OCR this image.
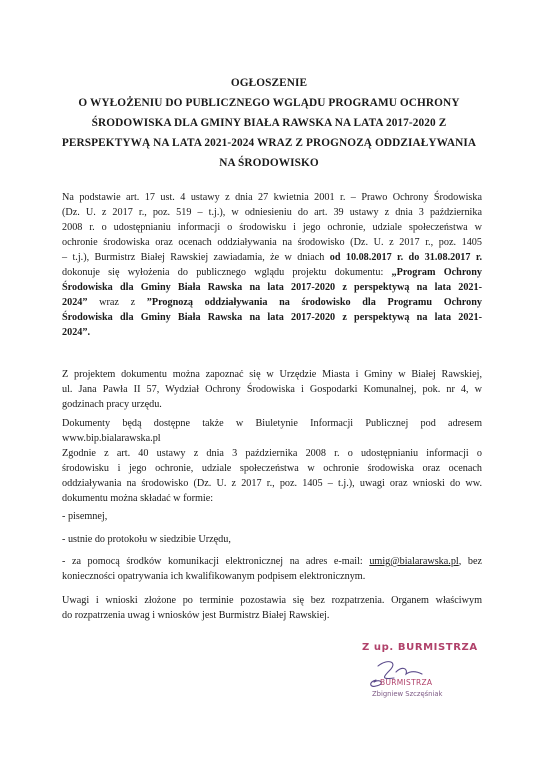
OGŁOSZENIE
O WYŁOŻENIU DO PUBLICZNEGO WGLĄDU PROGRAMU OCHRONY
ŚRODOWISKA DLA GMINY BIAŁA RAWSKA NA LATA 2017-2020 Z
PERSPEKTYWĄ NA LATA 2021-2024 WRAZ Z PROGNOZĄ ODDZIAŁYWANIA
NA ŚRODOWISKO

Na podstawie art. 17 ust. 4 ustawy z dnia 27 kwietnia 2001 r. – Prawo Ochrony Środowiska
(Dz. U. z 2017 r., poz. 519 – t.j.), w odniesieniu do art. 39 ustawy z dnia 3 października
2008 r. o udostępnianiu informacji o środowisku i jego ochronie, udziale społeczeństwa w
ochronie środowiska oraz ocenach oddziaływania na środowisko (Dz. U. z 2017 r., poz. 1405
– t.j.), Burmistrz Białej Rawskiej zawiadamia, że w dniach od 10.08.2017 r. do 31.08.2017 r.
dokonuje się wyłożenia do publicznego wglądu projektu dokumentu: „Program Ochrony
Środowiska dla Gminy Biała Rawska na lata 2017-2020 z perspektywą na lata 2021-
2024” wraz z ”Prognozą oddziaływania na środowisko dla Programu Ochrony
Środowiska dla Gminy Biała Rawska na lata 2017-2020 z perspektywą na lata 2021-
2024”.

Z projektem dokumentu można zapoznać się w Urzędzie Miasta i Gminy w Białej Rawskiej,
ul. Jana Pawła II 57, Wydział Ochrony Środowiska i Gospodarki Komunalnej, pok. nr 4, w
godzinach pracy urzędu.

Dokumenty będą dostępne także w Biuletynie Informacji Publicznej pod adresem
www.bip.bialarawska.pl

Zgodnie z art. 40 ustawy z dnia 3 października 2008 r. o udostępnianiu informacji o
środowisku i jego ochronie, udziale społeczeństwa w ochronie środowiska oraz ocenach
oddziaływania na środowisko (Dz. U. z 2017 r., poz. 1405 – t.j.), uwagi oraz wnioski do ww.
dokumentu można składać w formie:

- pisemnej,

- ustnie do protokołu w siedzibie Urzędu,

- za pomocą środków komunikacji elektronicznej na adres e-mail: umig@bialarawska.pl, bez
konieczności opatrywania ich kwalifikowanym podpisem elektronicznym.

Uwagi i wnioski złożone po terminie pozostawia się bez rozpatrzenia. Organem właściwym
do rozpatrzenia uwag i wniosków jest Burmistrz Białej Rawskiej.

Z up. BURMISTRZA
BURMISTRZA
Zbigniew Szczęśniak
